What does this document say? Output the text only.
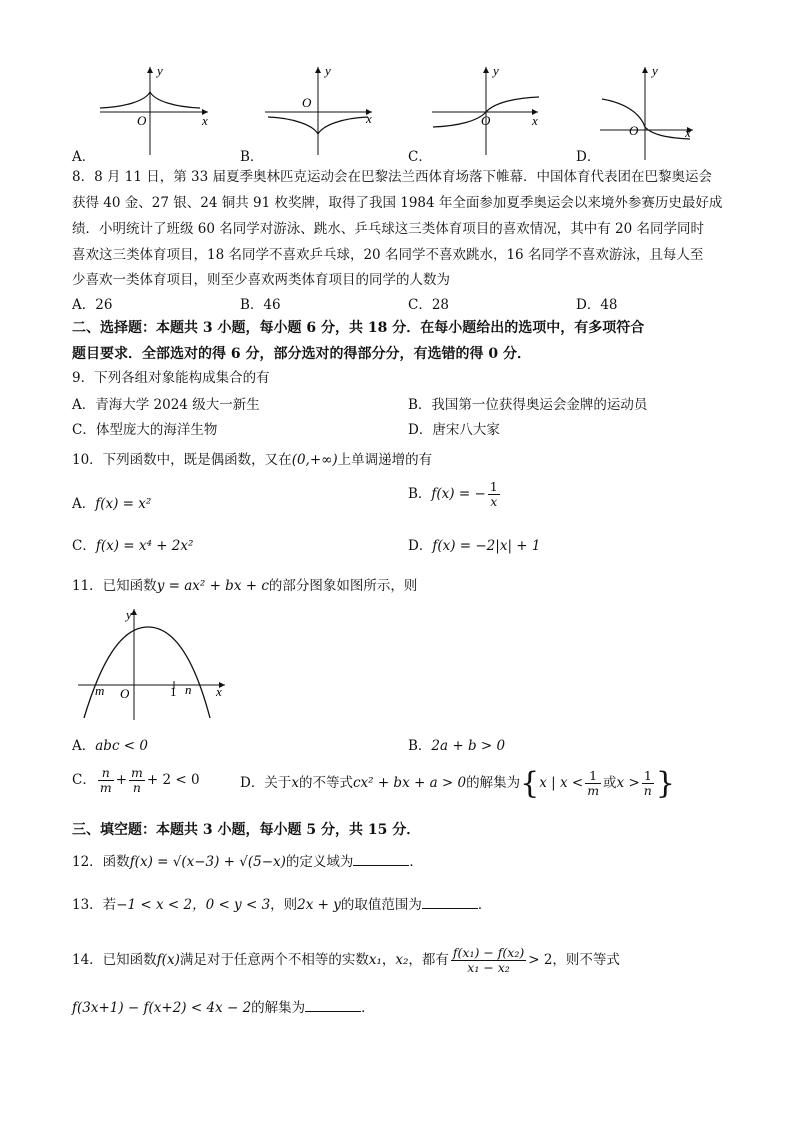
y
x
O
y
x
O
y
x
O
y
x
O
A．	B．	C．	D．
8．8 月 11 日，第 33 届夏季奥林匹克运动会在巴黎法兰西体育场落下帷幕．中国体育代表团在巴黎奥运会
获得 40 金、27 银、24 铜共 91 枚奖牌，取得了我国 1984 年全面参加夏季奥运会以来境外参赛历史最好成
绩．小明统计了班级 60 名同学对游泳、跳水、乒乓球这三类体育项目的喜欢情况，其中有 20 名同学同时
喜欢这三类体育项目，18 名同学不喜欢乒乓球，20 名同学不喜欢跳水，16 名同学不喜欢游泳，且每人至
少喜欢一类体育项目，则至少喜欢两类体育项目的同学的人数为
A．26	B．46	C．28	D．48
二、选择题：本题共 3 小题，每小题 6 分，共 18 分．在每小题给出的选项中，有多项符合
题目要求．全部选对的得 6 分，部分选对的得部分分，有选错的得 0 分．
9．下列各组对象能构成集合的有
A．青海大学 2024 级大一新生	B．我国第一位获得奥运会金牌的运动员
C．体型庞大的海洋生物	D．唐宋八大家
10．下列函数中，既是偶函数，又在(0,+∞)上单调递增的有
A．f(x) = x²
B．f(x) = − $\frac{1}{x}$
C．f(x) = x⁴ + 2x²	D．f(x) = −2|x| + 1
11．已知函数y = ax² + bx + c的部分图象如图所示，则
y
x
O
m	n
1
A．abc < 0	B．2a + b > 0
C． $\frac{n}{m} + \frac{m}{n} + 2 < 0$	D．关于x的不等式cx² + bx + a > 0的解集为{x | $x < \frac{1}{m}$ 或$x > \frac{1}{n}$ }
三、填空题：本题共 3 小题，每小题 5 分，共 15 分．
12．函数f(x) = √(x−3) + √(5−x)的定义域为	．
13．若−1 < x < 2，0 < y < 3，则2x + y的取值范围为	．
14．已知函数f(x)满足对于任意两个不相等的实数x₁，x₂，都有 $\frac{\text{f(x₁) − f(x₂)}}{\text{x₁ − x₂}} > 2$，则不等式
f(3x+1) − f(x+2) < 4x − 2的解集为	．
